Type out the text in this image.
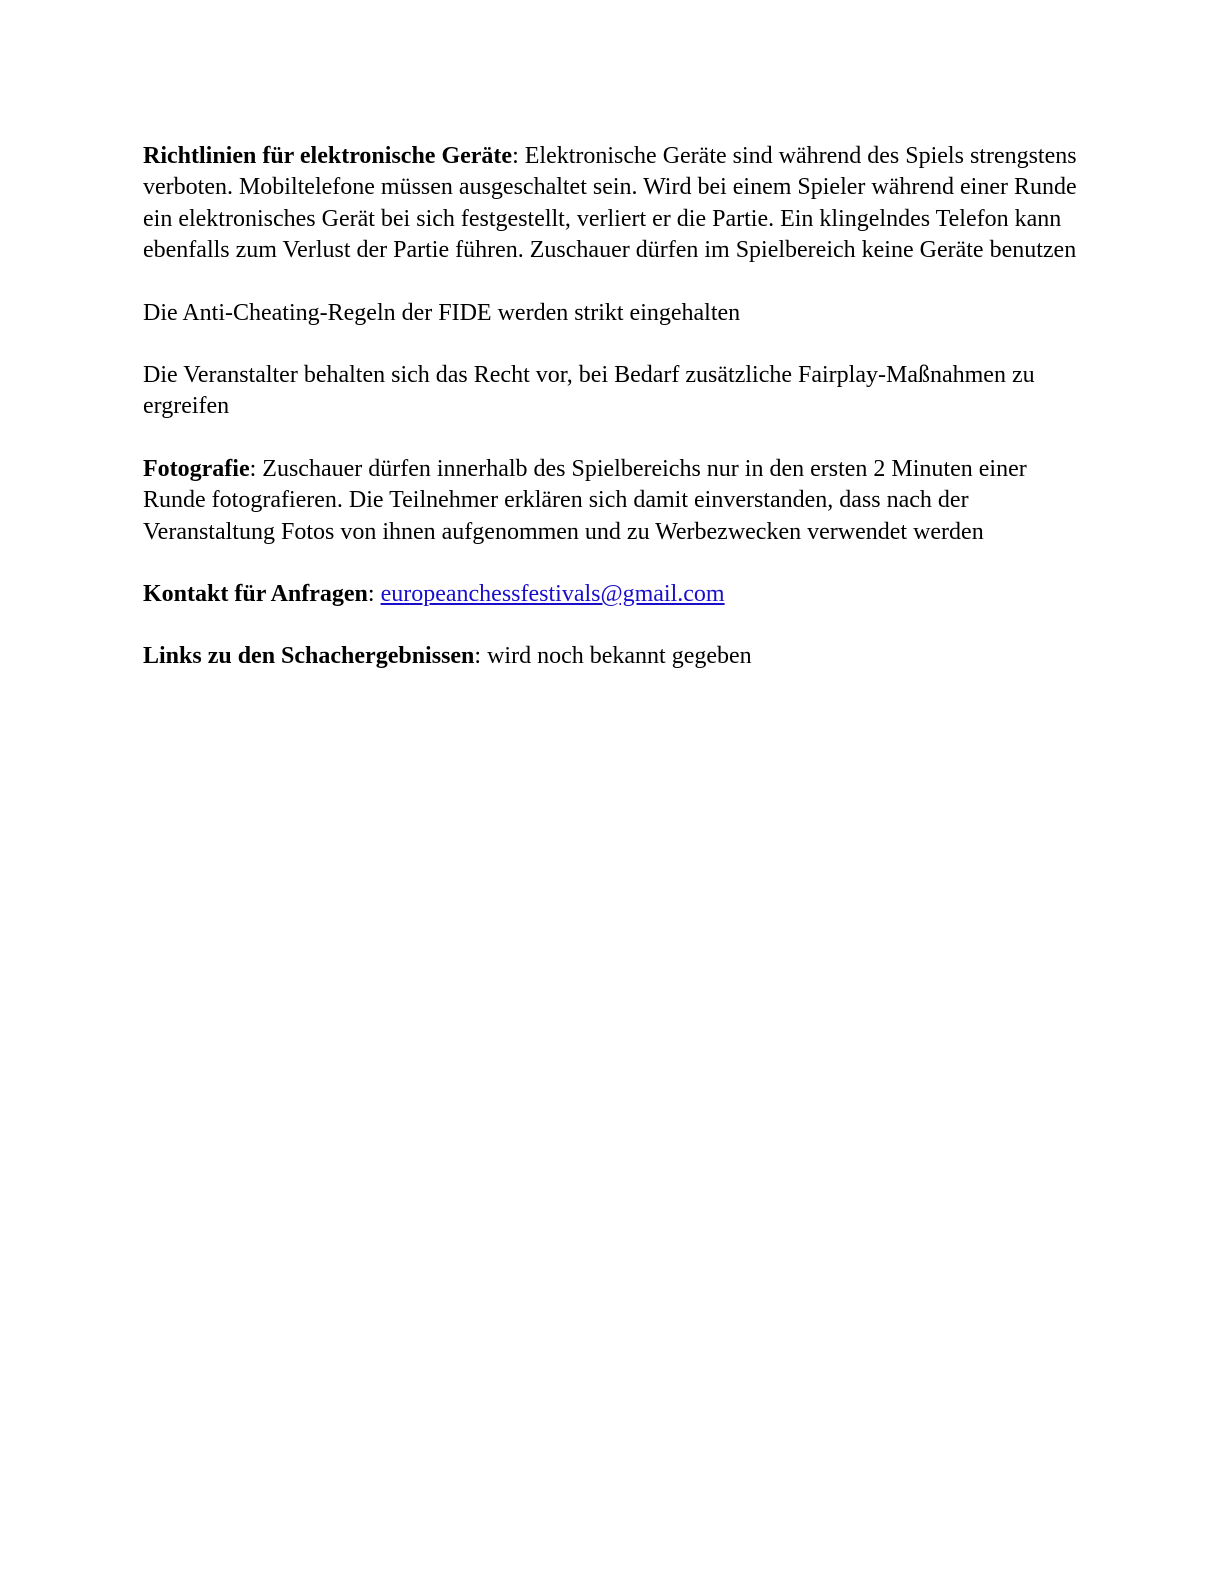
Richtlinien für elektronische Geräte: Elektronische Geräte sind während des Spiels strengstens verboten. Mobiltelefone müssen ausgeschaltet sein. Wird bei einem Spieler während einer Runde ein elektronisches Gerät bei sich festgestellt, verliert er die Partie. Ein klingelndes Telefon kann ebenfalls zum Verlust der Partie führen. Zuschauer dürfen im Spielbereich keine Geräte benutzen

Die Anti-Cheating-Regeln der FIDE werden strikt eingehalten

Die Veranstalter behalten sich das Recht vor, bei Bedarf zusätzliche Fairplay-Maßnahmen zu ergreifen

Fotografie: Zuschauer dürfen innerhalb des Spielbereichs nur in den ersten 2 Minuten einer Runde fotografieren. Die Teilnehmer erklären sich damit einverstanden, dass nach der Veranstaltung Fotos von ihnen aufgenommen und zu Werbezwecken verwendet werden

Kontakt für Anfragen: europeanchessfestivals@gmail.com

Links zu den Schachergebnissen: wird noch bekannt gegeben
